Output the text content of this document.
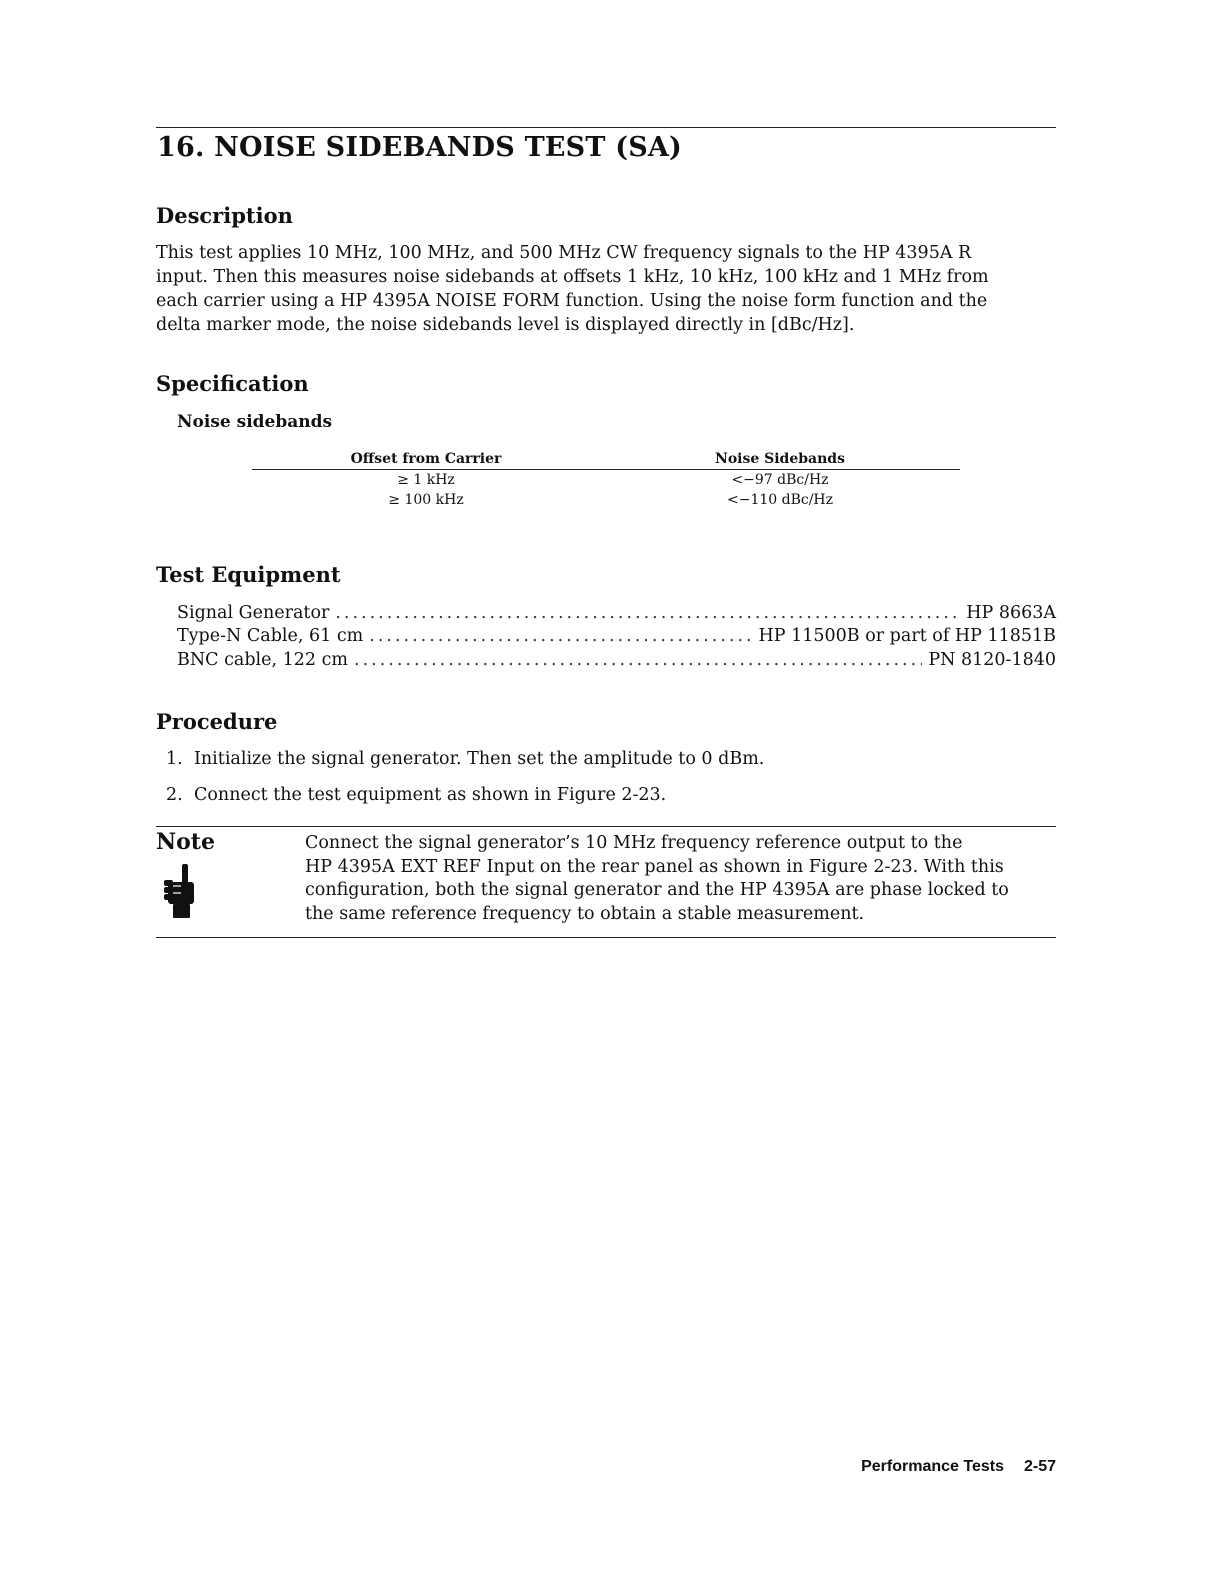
16. NOISE SIDEBANDS TEST (SA)
Description
This test applies 10 MHz, 100 MHz, and 500 MHz CW frequency signals to the HP 4395A R
input. Then this measures noise sidebands at offsets 1 kHz, 10 kHz, 100 kHz and 1 MHz from
each carrier using a HP 4395A NOISE FORM function. Using the noise form function and the
delta marker mode, the noise sidebands level is displayed directly in [dBc/Hz].
Specification
Noise sidebands
Offset from Carrier	Noise Sidebands
≥ 1 kHz	<−97 dBc/Hz
≥ 100 kHz	<−110 dBc/Hz
Test Equipment
Signal Generator .....	HP 8663A
Type-N Cable, 61 cm .....	HP 11500B or part of HP 11851B
BNC cable, 122 cm .....	PN 8120-1840
Procedure
1. Initialize the signal generator. Then set the amplitude to 0 dBm.
2. Connect the test equipment as shown in Figure 2-23.
Note	Connect the signal generator’s 10 MHz frequency reference output to the
HP 4395A EXT REF Input on the rear panel as shown in Figure 2-23. With this
configuration, both the signal generator and the HP 4395A are phase locked to
the same reference frequency to obtain a stable measurement.
Performance Tests 2-57
